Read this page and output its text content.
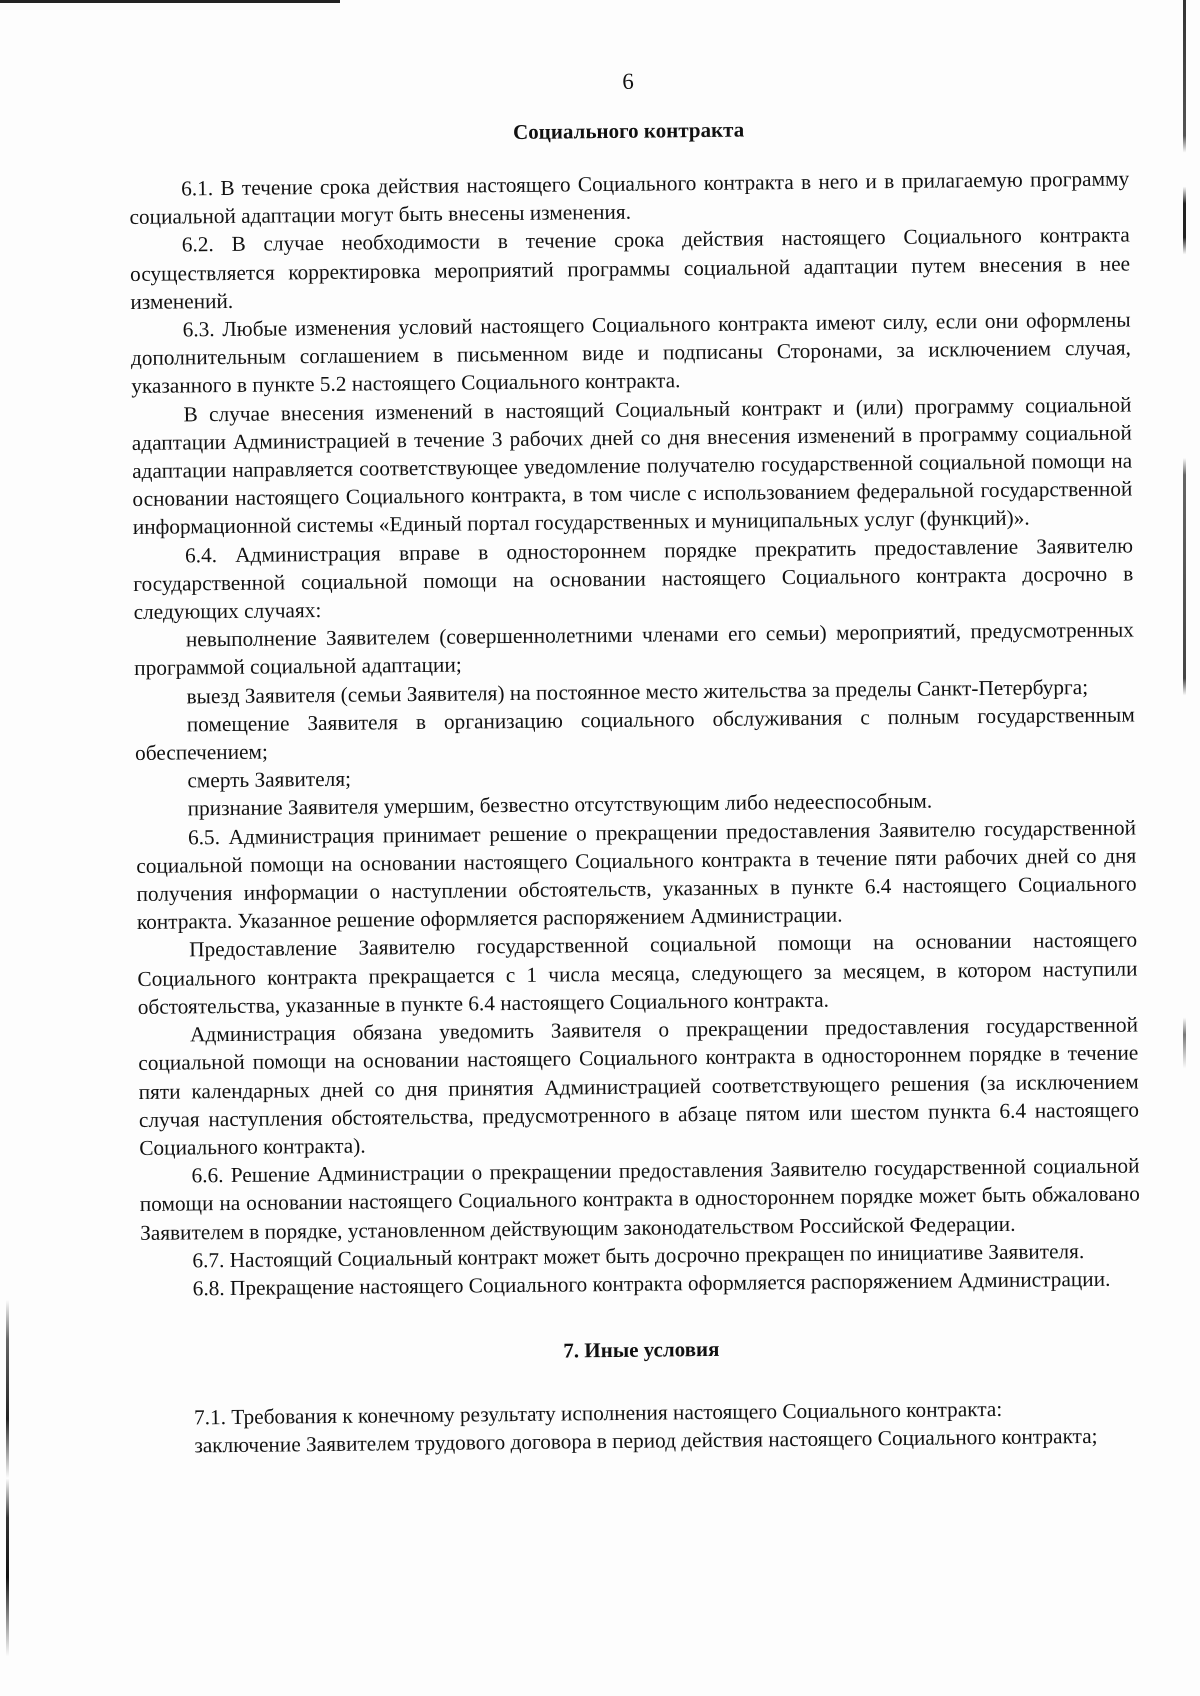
6
Социального контракта

6.1. В течение срока действия настоящего Социального контракта в него и в прилагаемую программу социальной адаптации могут быть внесены изменения.

6.2. В случае необходимости в течение срока действия настоящего Социального контракта осуществляется корректировка мероприятий программы социальной адаптации путем внесения в нее изменений.

6.3. Любые изменения условий настоящего Социального контракта имеют силу, если они оформлены дополнительным соглашением в письменном виде и подписаны Сторонами, за исключением случая, указанного в пункте 5.2 настоящего Социального контракта.

В случае внесения изменений в настоящий Социальный контракт и (или) программу социальной адаптации Администрацией в течение 3 рабочих дней со дня внесения изменений в программу социальной адаптации направляется соответствующее уведомление получателю государственной социальной помощи на основании настоящего Социального контракта, в том числе с использованием федеральной государственной информационной системы «Единый портал государственных и муниципальных услуг (функций)».

6.4. Администрация вправе в одностороннем порядке прекратить предоставление Заявителю государственной социальной помощи на основании настоящего Социального контракта досрочно в следующих случаях:

невыполнение Заявителем (совершеннолетними членами его семьи) мероприятий, предусмотренных программой социальной адаптации;

выезд Заявителя (семьи Заявителя) на постоянное место жительства за пределы Санкт-Петербурга;

помещение Заявителя в организацию социального обслуживания с полным государственным обеспечением;

смерть Заявителя;

признание Заявителя умершим, безвестно отсутствующим либо недееспособным.

6.5. Администрация принимает решение о прекращении предоставления Заявителю государственной социальной помощи на основании настоящего Социального контракта в течение пяти рабочих дней со дня получения информации о наступлении обстоятельств, указанных в пункте 6.4 настоящего Социального контракта. Указанное решение оформляется распоряжением Администрации.

Предоставление Заявителю государственной социальной помощи на основании настоящего Социального контракта прекращается с 1 числа месяца, следующего за месяцем, в котором наступили обстоятельства, указанные в пункте 6.4 настоящего Социального контракта.

Администрация обязана уведомить Заявителя о прекращении предоставления государственной социальной помощи на основании настоящего Социального контракта в одностороннем порядке в течение пяти календарных дней со дня принятия Администрацией соответствующего решения (за исключением случая наступления обстоятельства, предусмотренного в абзаце пятом или шестом пункта 6.4 настоящего Социального контракта).

6.6. Решение Администрации о прекращении предоставления Заявителю государственной социальной помощи на основании настоящего Социального контракта в одностороннем порядке может быть обжаловано Заявителем в порядке, установленном действующим законодательством Российской Федерации.

6.7. Настоящий Социальный контракт может быть досрочно прекращен по инициативе Заявителя.

6.8. Прекращение настоящего Социального контракта оформляется распоряжением Администрации.

7. Иные условия

7.1. Требования к конечному результату исполнения настоящего Социального контракта:

заключение Заявителем трудового договора в период действия настоящего Социального контракта;
